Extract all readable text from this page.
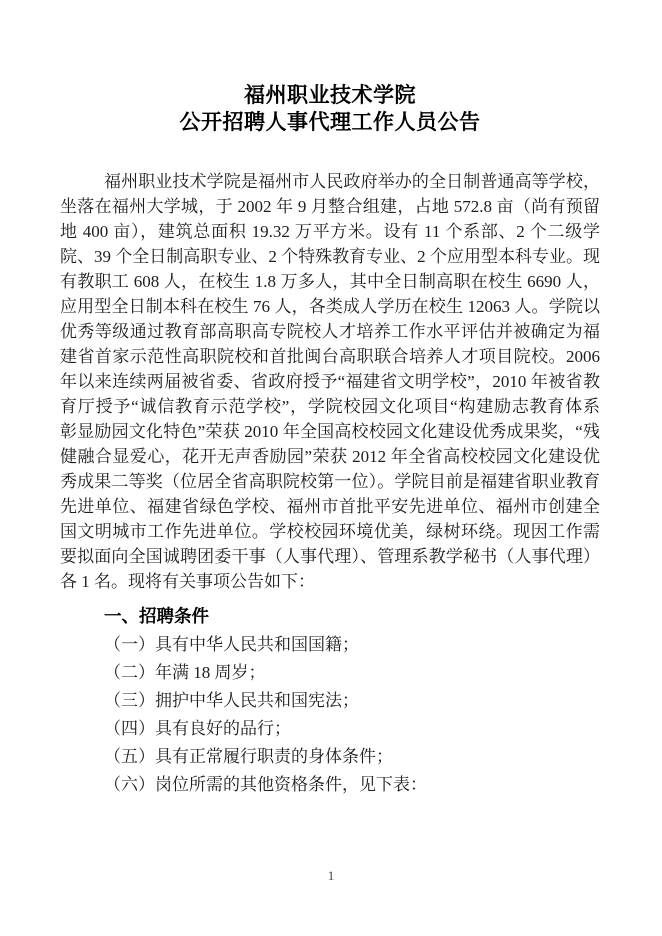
福州职业技术学院
公开招聘人事代理工作人员公告

福州职业技术学院是福州市人民政府举办的全日制普通高等学校，坐落在福州大学城，于 2002 年 9 月整合组建，占地 572.8 亩（尚有预留地 400 亩），建筑总面积 19.32 万平方米。设有 11 个系部、2 个二级学院、39 个全日制高职专业、2 个特殊教育专业、2 个应用型本科专业。现有教职工 608 人，在校生 1.8 万多人，其中全日制高职在校生 6690 人，应用型全日制本科在校生 76 人，各类成人学历在校生 12063 人。学院以优秀等级通过教育部高职高专院校人才培养工作水平评估并被确定为福建省首家示范性高职院校和首批闽台高职联合培养人才项目院校。2006 年以来连续两届被省委、省政府授予“福建省文明学校”，2010 年被省教育厅授予“诚信教育示范学校”，学院校园文化项目“构建励志教育体系　彰显励园文化特色”荣获 2010 年全国高校校园文化建设优秀成果奖，“残健融合显爱心，花开无声香励园”荣获 2012 年全省高校校园文化建设优秀成果二等奖（位居全省高职院校第一位）。学院目前是福建省职业教育先进单位、福建省绿色学校、福州市首批平安先进单位、福州市创建全国文明城市工作先进单位。学校校园环境优美，绿树环绕。现因工作需要拟面向全国诚聘团委干事（人事代理）、管理系教学秘书（人事代理）各 1 名。现将有关事项公告如下：

一、招聘条件
（一）具有中华人民共和国国籍；
（二）年满 18 周岁；
（三）拥护中华人民共和国宪法；
（四）具有良好的品行；
（五）具有正常履行职责的身体条件；
（六）岗位所需的其他资格条件，见下表：
1
